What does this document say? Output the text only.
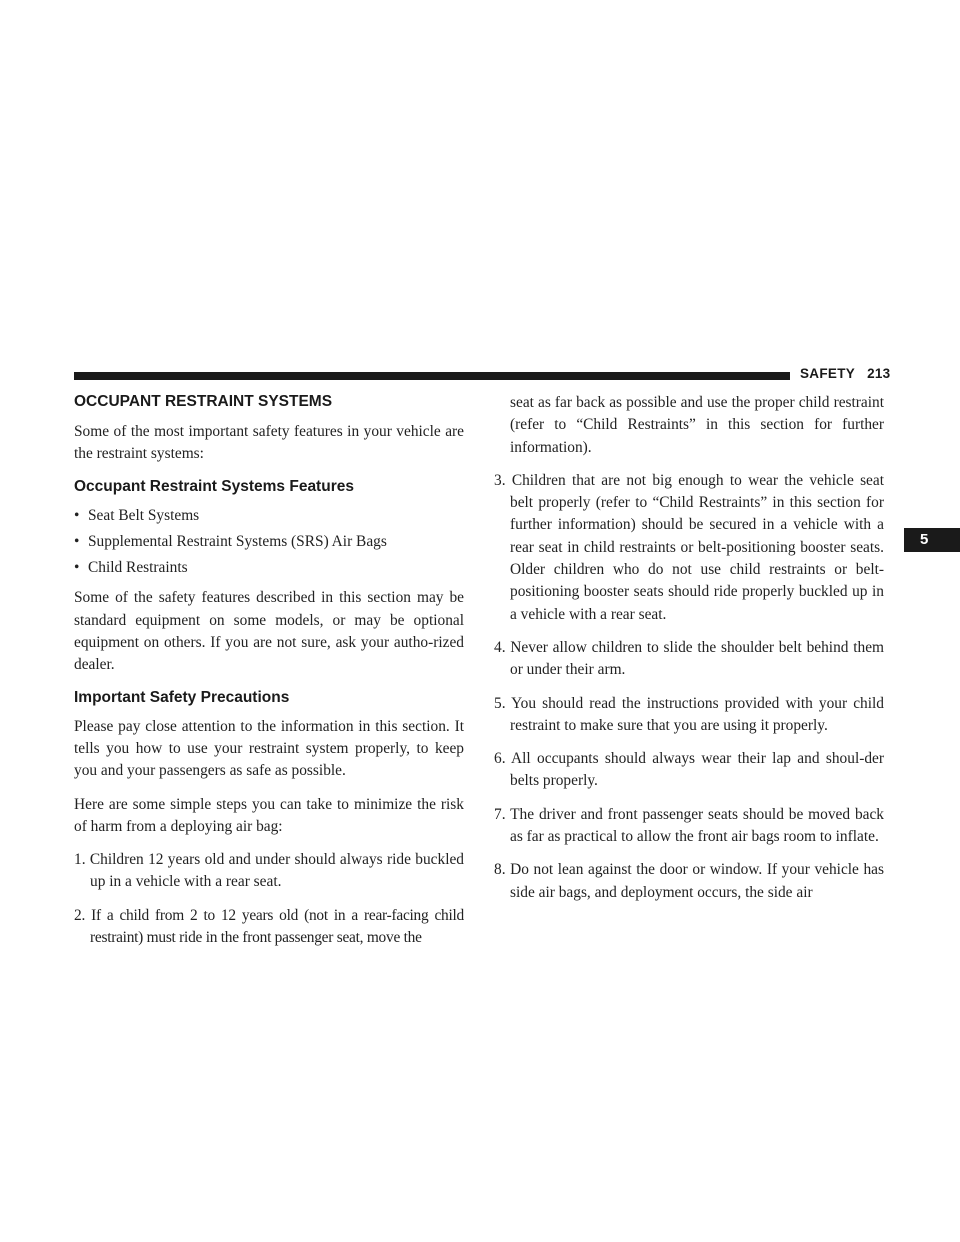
SAFETY 213
5
OCCUPANT RESTRAINT SYSTEMS

Some of the most important safety features in your vehicle are the restraint systems:

Occupant Restraint Systems Features
• Seat Belt Systems
• Supplemental Restraint Systems (SRS) Air Bags
• Child Restraints

Some of the safety features described in this section may be standard equipment on some models, or may be optional equipment on others. If you are not sure, ask your autho-rized dealer.

Important Safety Precautions

Please pay close attention to the information in this section. It tells you how to use your restraint system properly, to keep you and your passengers as safe as possible.

Here are some simple steps you can take to minimize the risk of harm from a deploying air bag:

1. Children 12 years old and under should always ride buckled up in a vehicle with a rear seat.
2. If a child from 2 to 12 years old (not in a rear-facing child restraint) must ride in the front passenger seat, move the
seat as far back as possible and use the proper child restraint (refer to “Child Restraints” in this section for further information).
3. Children that are not big enough to wear the vehicle seat belt properly (refer to “Child Restraints” in this section for further information) should be secured in a vehicle with a rear seat in child restraints or belt-positioning booster seats. Older children who do not use child restraints or belt-positioning booster seats should ride properly buckled up in a vehicle with a rear seat.
4. Never allow children to slide the shoulder belt behind them or under their arm.
5. You should read the instructions provided with your child restraint to make sure that you are using it properly.
6. All occupants should always wear their lap and shoul-der belts properly.
7. The driver and front passenger seats should be moved back as far as practical to allow the front air bags room to inflate.
8. Do not lean against the door or window. If your vehicle has side air bags, and deployment occurs, the side air
